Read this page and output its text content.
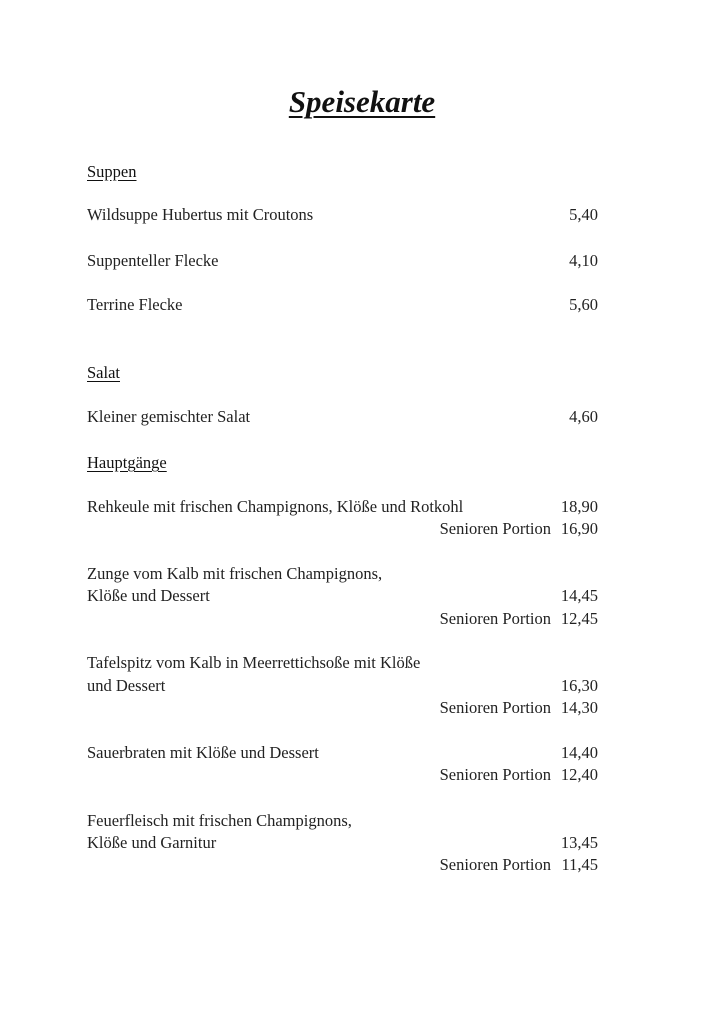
Speisekarte
Suppen
Wildsuppe Hubertus mit Croutons	5,40
Suppenteller Flecke	4,10
Terrine Flecke	5,60
Salat
Kleiner gemischter Salat	4,60
Hauptgänge
Rehkeule mit frischen Champignons, Klöße und Rotkohl	18,90
Senioren Portion 16,90
Zunge vom Kalb mit frischen Champignons,
Klöße und Dessert	14,45
Senioren Portion 12,45
Tafelspitz vom Kalb in Meerrettichsoße mit Klöße
und Dessert	16,30
Senioren Portion 14,30
Sauerbraten mit Klöße und Dessert	14,40
Senioren Portion 12,40
Feuerfleisch mit frischen Champignons,
Klöße und Garnitur	13,45
Senioren Portion 11,45
